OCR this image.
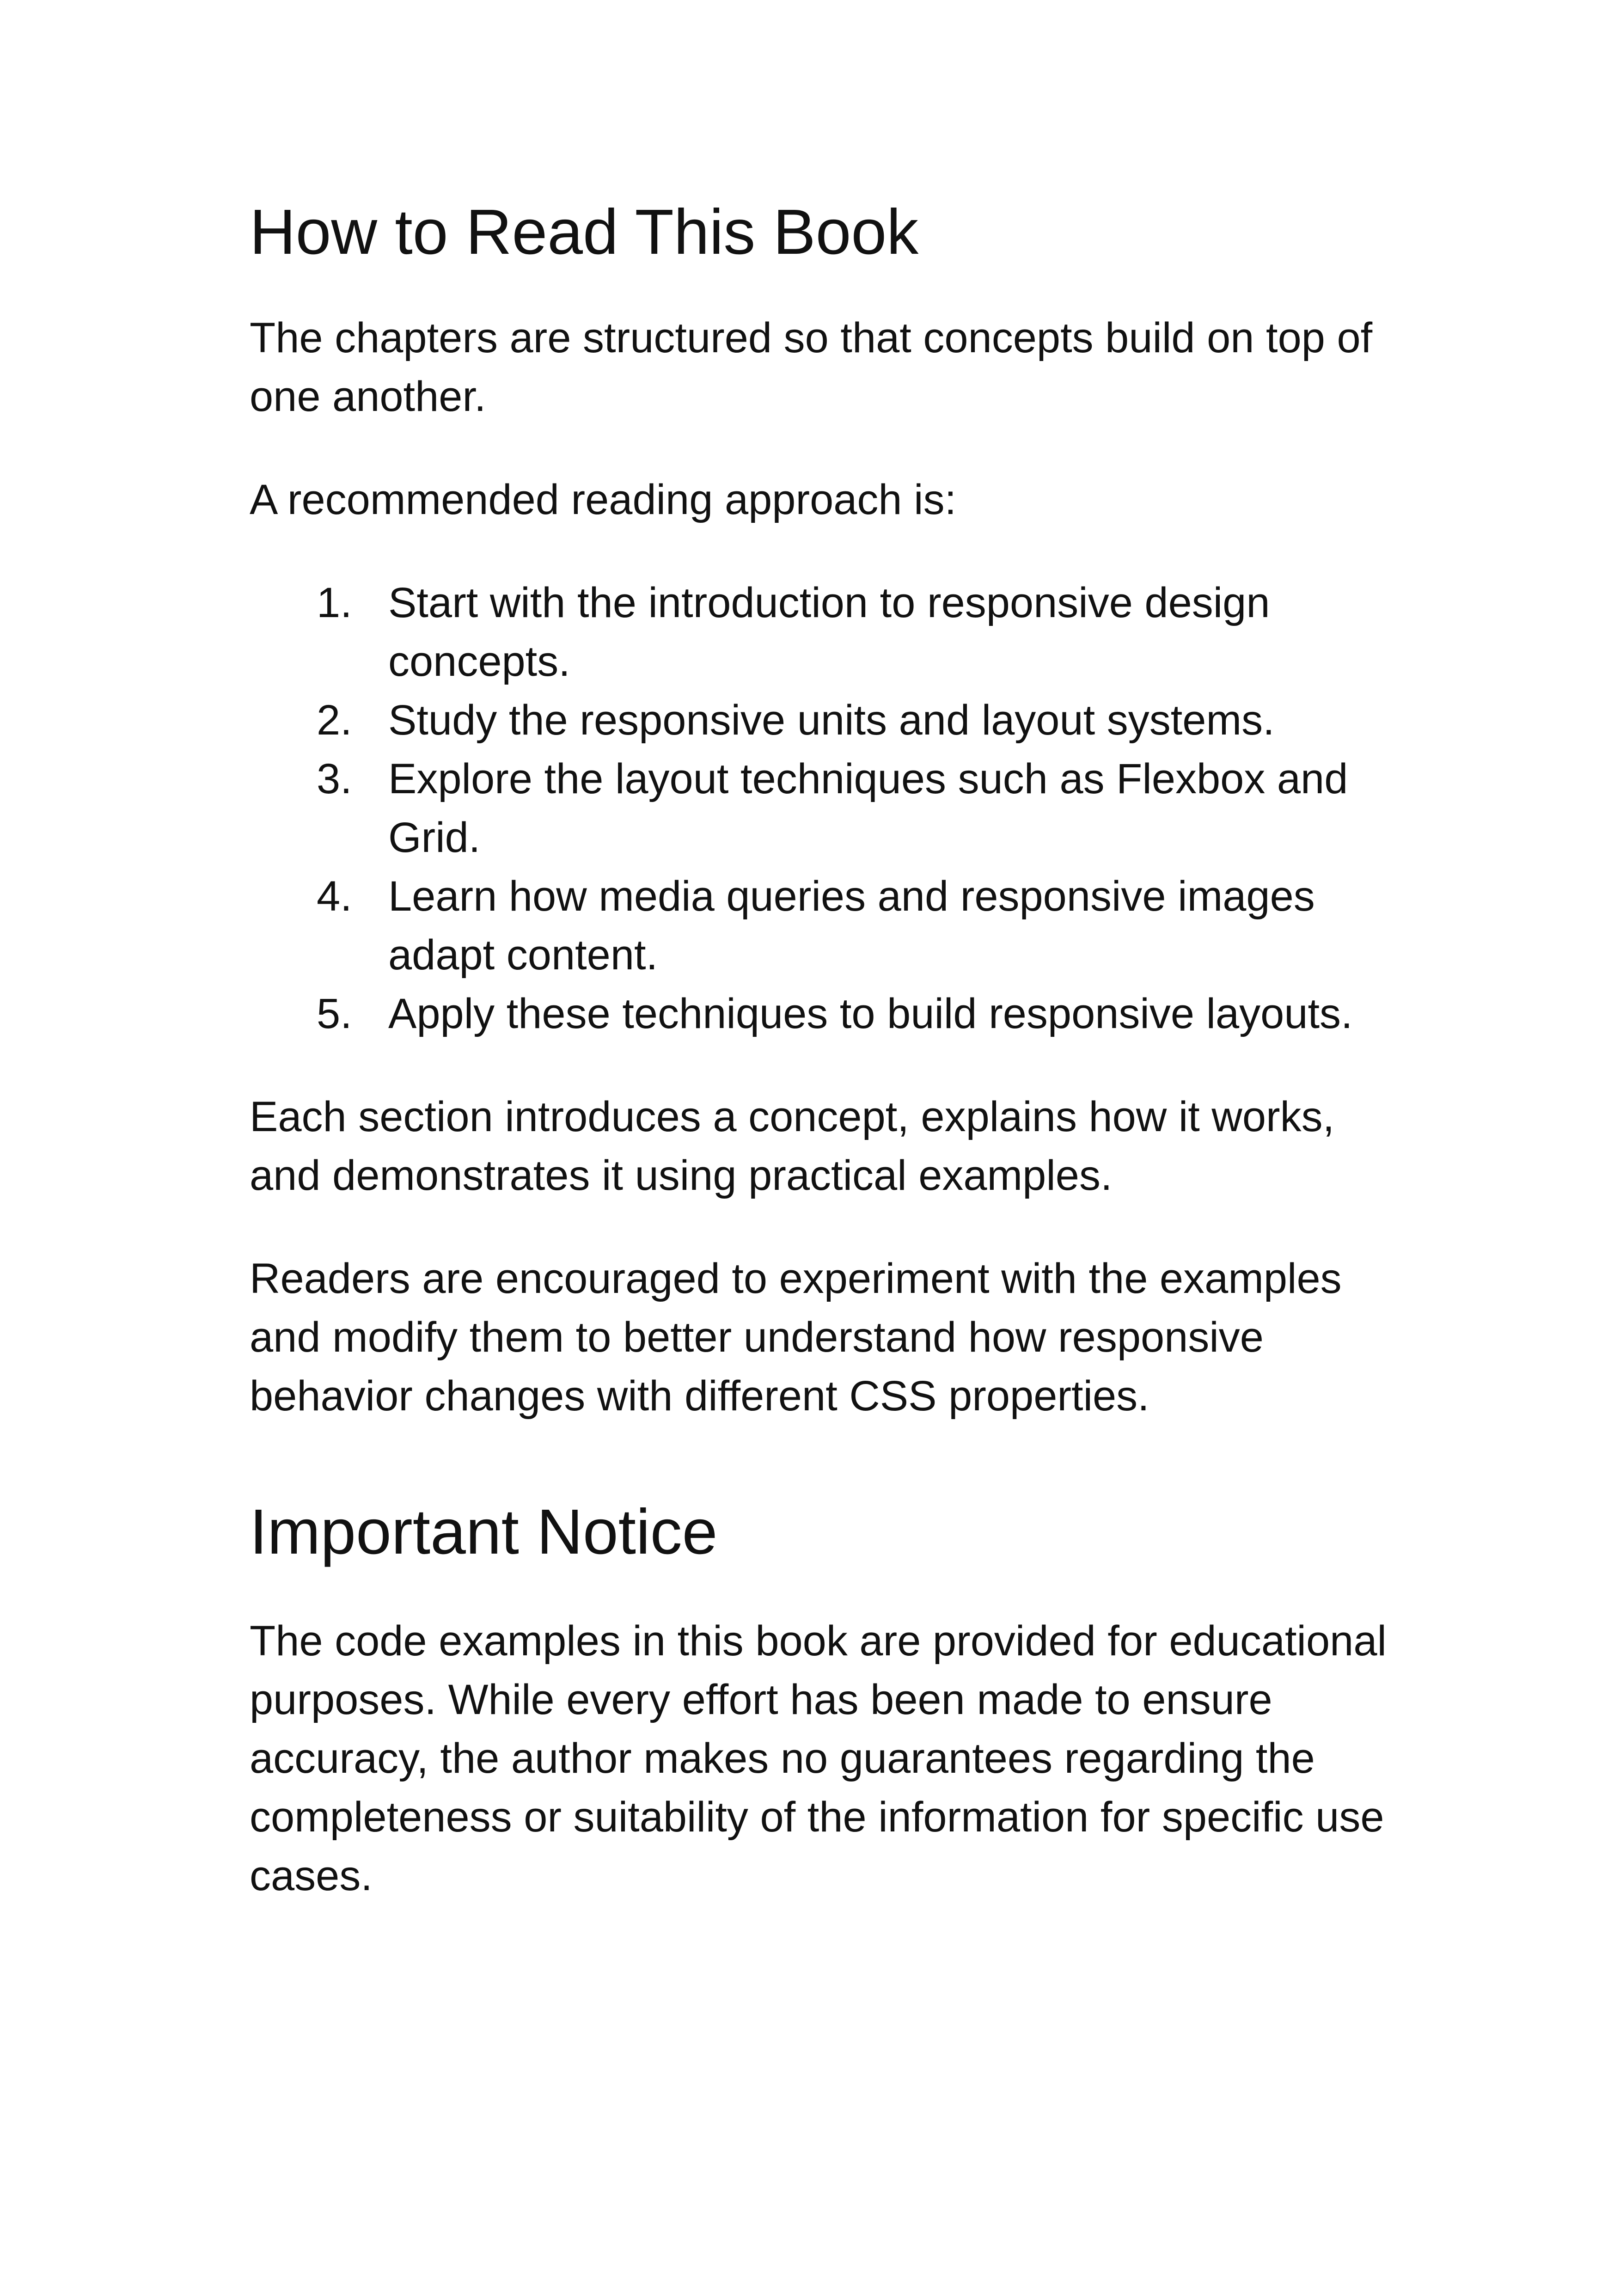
How to Read This Book

The chapters are structured so that concepts build on top of one another.

A recommended reading approach is:

1. Start with the introduction to responsive design concepts.
2. Study the responsive units and layout systems.
3. Explore the layout techniques such as Flexbox and Grid.
4. Learn how media queries and responsive images adapt content.
5. Apply these techniques to build responsive layouts.

Each section introduces a concept, explains how it works, and demonstrates it using practical examples.

Readers are encouraged to experiment with the examples and modify them to better understand how responsive behavior changes with different CSS properties.

Important Notice

The code examples in this book are provided for educational purposes. While every effort has been made to ensure accuracy, the author makes no guarantees regarding the completeness or suitability of the information for specific use cases.
